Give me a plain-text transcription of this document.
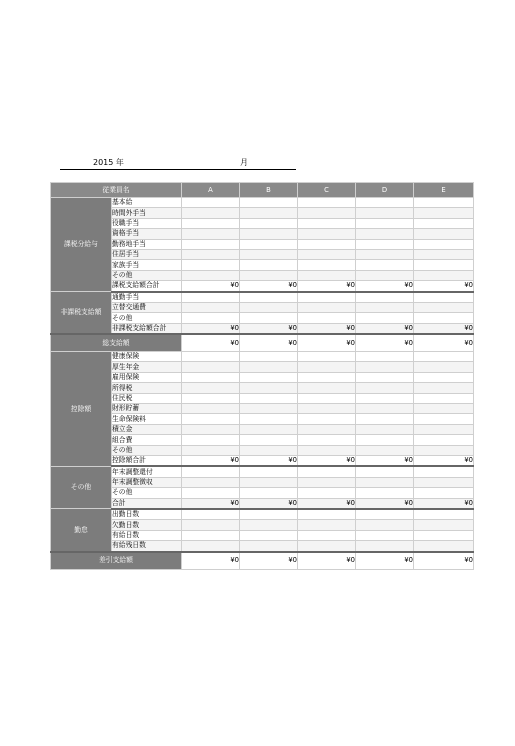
2015 年	月
従業員名		A	B	C	D	E
課税分給与	基本給					
	時間外手当					
	役職手当					
	資格手当					
	勤務地手当					
	住居手当					
	家族手当					
	その他					
	課税支給額合計	¥0	¥0	¥0	¥0	¥0
非課税支給額	通勤手当					
	立替交通費					
	その他					
	非課税支給額合計	¥0	¥0	¥0	¥0	¥0
総支給額		¥0	¥0	¥0	¥0	¥0
控除額	健康保険					
	厚生年金					
	雇用保険					
	所得税					
	住民税					
	財形貯蓄					
	生命保険料					
	積立金					
	組合費					
	その他					
	控除額合計	¥0	¥0	¥0	¥0	¥0
その他	年末調整還付					
	年末調整徴収					
	その他					
	合計	¥0	¥0	¥0	¥0	¥0
勤怠	出勤日数					
	欠勤日数					
	有給日数					
	有給残日数					
差引支給額		¥0	¥0	¥0	¥0	¥0
